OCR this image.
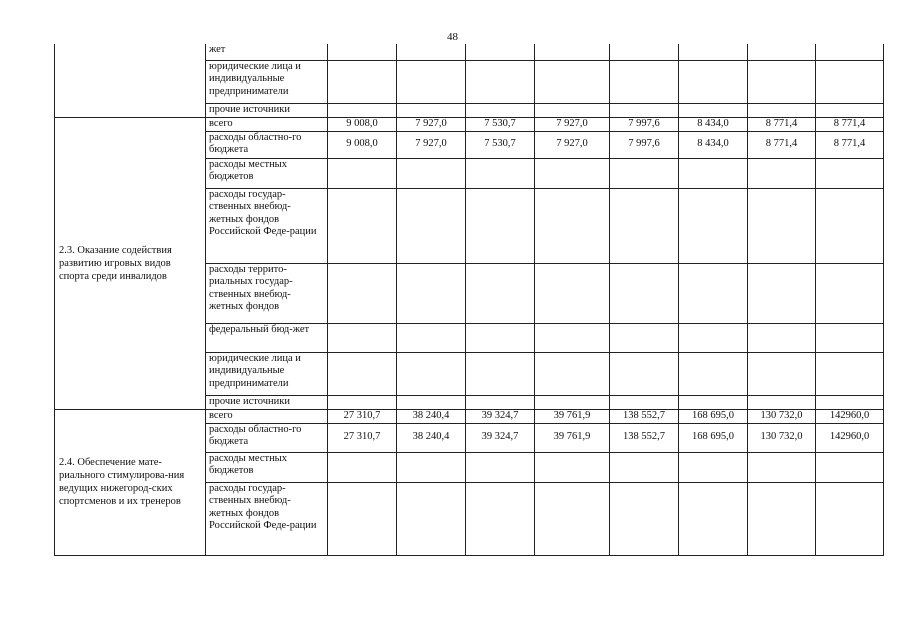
48
	жет								
	юридические лица и индивидуальные предприниматели								
	прочие источники								
2.3. Оказание содействия развитию игровых видов спорта среди инвалидов	всего	9 008,0	7 927,0	7 530,7	7 927,0	7 997,6	8 434,0	8 771,4	8 771,4
	расходы областно-го бюджета	9 008,0	7 927,0	7 530,7	7 927,0	7 997,6	8 434,0	8 771,4	8 771,4
	расходы местных бюджетов								
	расходы государ-ственных внебюд-жетных фондов Российской Феде-рации								
	расходы террито-риальных государ-ственных внебюд-жетных фондов								
	федеральный бюд-жет								
	юридические лица и индивидуальные предприниматели								
	прочие источники								
2.4. Обеспечение мате-риального стимулирова-ния ведущих нижегород-ских спортсменов и их тренеров	всего	27 310,7	38 240,4	39 324,7	39 761,9	138 552,7	168 695,0	130 732,0	142960,0
	расходы областно-го бюджета	27 310,7	38 240,4	39 324,7	39 761,9	138 552,7	168 695,0	130 732,0	142960,0
	расходы местных бюджетов								
	расходы государ-ственных внебюд-жетных фондов Российской Феде-рации								
